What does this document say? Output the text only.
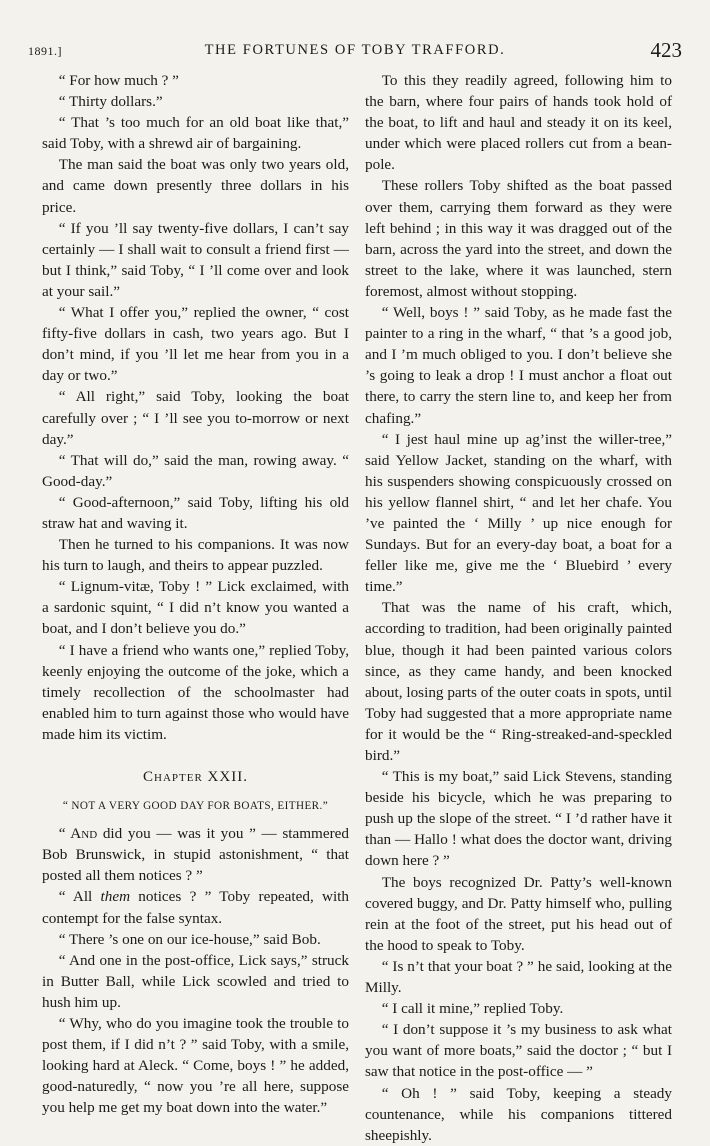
1891.]	THE FORTUNES OF TOBY TRAFFORD.	423

“ For how much ? ”

“ Thirty dollars.”

“ That ’s too much for an old boat like that,” said Toby, with a shrewd air of bargaining.

The man said the boat was only two years old, and came down presently three dollars in his price.

“ If you ’ll say twenty-five dollars, I can’t say certainly — I shall wait to consult a friend first — but I think,” said Toby, “ I ’ll come over and look at your sail.”

“ What I offer you,” replied the owner, “ cost fifty-five dollars in cash, two years ago. But I don’t mind, if you ’ll let me hear from you in a day or two.”

“ All right,” said Toby, looking the boat carefully over ; “ I ’ll see you to-morrow or next day.”

“ That will do,” said the man, rowing away. “ Good-day.”

“ Good-afternoon,” said Toby, lifting his old straw hat and waving it.

Then he turned to his companions. It was now his turn to laugh, and theirs to appear puzzled.

“ Lignum-vitæ, Toby ! ” Lick exclaimed, with a sardonic squint, “ I did n’t know you wanted a boat, and I don’t believe you do.”

“ I have a friend who wants one,” replied Toby, keenly enjoying the outcome of the joke, which a timely recollection of the schoolmaster had enabled him to turn against those who would have made him its victim.

Chapter XXII.
“ NOT A VERY GOOD DAY FOR BOATS, EITHER.”

“ And did you — was it you ” — stammered Bob Brunswick, in stupid astonishment, “ that posted all them notices ? ”

“ All them notices ? ” Toby repeated, with contempt for the false syntax.

“ There ’s one on our ice-house,” said Bob.

“ And one in the post-office, Lick says,” struck in Butter Ball, while Lick scowled and tried to hush him up.

“ Why, who do you imagine took the trouble to post them, if I did n’t ? ” said Toby, with a smile, looking hard at Aleck. “ Come, boys ! ” he added, good-naturedly, “ now you ’re all here, suppose you help me get my boat down into the water.”

To this they readily agreed, following him to the barn, where four pairs of hands took hold of the boat, to lift and haul and steady it on its keel, under which were placed rollers cut from a bean-pole.

These rollers Toby shifted as the boat passed over them, carrying them forward as they were left behind ; in this way it was dragged out of the barn, across the yard into the street, and down the street to the lake, where it was launched, stern foremost, almost without stopping.

“ Well, boys ! ” said Toby, as he made fast the painter to a ring in the wharf, “ that ’s a good job, and I ’m much obliged to you. I don’t believe she ’s going to leak a drop ! I must anchor a float out there, to carry the stern line to, and keep her from chafing.”

“ I jest haul mine up ag’inst the willer-tree,” said Yellow Jacket, standing on the wharf, with his suspenders showing conspicuously crossed on his yellow flannel shirt, “ and let her chafe. You ’ve painted the ‘ Milly ’ up nice enough for Sundays. But for an every-day boat, a boat for a feller like me, give me the ‘ Bluebird ’ every time.”

That was the name of his craft, which, according to tradition, had been originally painted blue, though it had been painted various colors since, as they came handy, and been knocked about, losing parts of the outer coats in spots, until Toby had suggested that a more appropriate name for it would be the “ Ring-streaked-and-speckled bird.”

“ This is my boat,” said Lick Stevens, standing beside his bicycle, which he was preparing to push up the slope of the street. “ I ’d rather have it than — Hallo ! what does the doctor want, driving down here ? ”

The boys recognized Dr. Patty’s well-known covered buggy, and Dr. Patty himself who, pulling rein at the foot of the street, put his head out of the hood to speak to Toby.

“ Is n’t that your boat ? ” he said, looking at the Milly.

“ I call it mine,” replied Toby.

“ I don’t suppose it ’s my business to ask what you want of more boats,” said the doctor ; “ but I saw that notice in the post-office — ”

“ Oh ! ” said Toby, keeping a steady countenance, while his companions tittered sheepishly.
